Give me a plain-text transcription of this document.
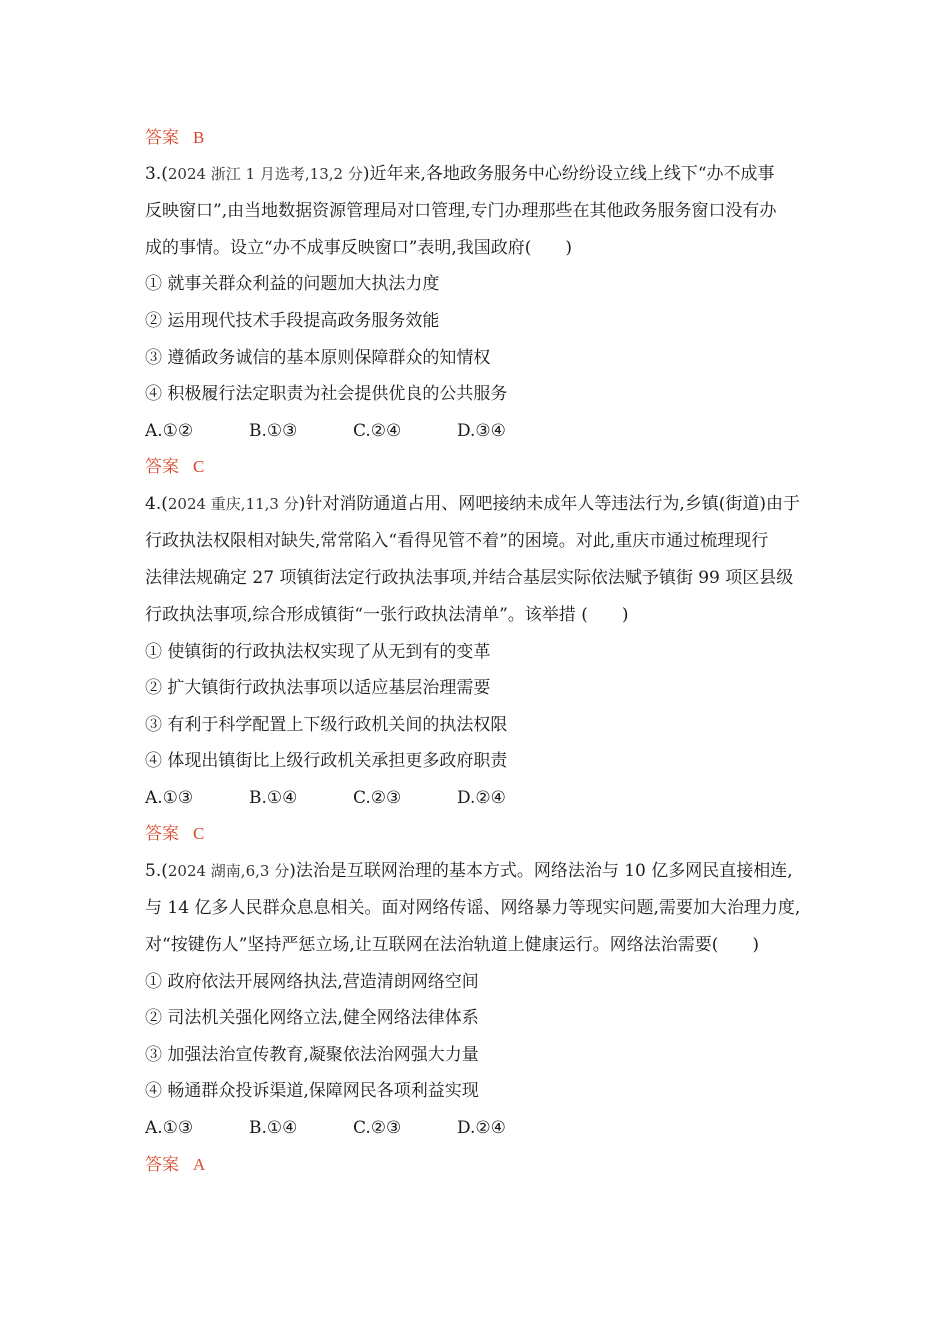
答案 B
3.(2024 浙江 1 月选考,13,2 分)近年来,各地政务服务中心纷纷设立线上线下“办不成事
反映窗口”,由当地数据资源管理局对口管理,专门办理那些在其他政务服务窗口没有办
成的事情。设立“办不成事反映窗口”表明,我国政府(　　)
① 就事关群众利益的问题加大执法力度
② 运用现代技术手段提高政务服务效能
③ 遵循政务诚信的基本原则保障群众的知情权
④ 积极履行法定职责为社会提供优良的公共服务
A.①②	B.①③	C.②④	D.③④
答案 C
4.(2024 重庆,11,3 分)针对消防通道占用、网吧接纳未成年人等违法行为,乡镇(街道)由于
行政执法权限相对缺失,常常陷入“看得见管不着”的困境。对此,重庆市通过梳理现行
法律法规确定 27 项镇街法定行政执法事项,并结合基层实际依法赋予镇街 99 项区县级
行政执法事项,综合形成镇街“一张行政执法清单”。该举措 (　　)
① 使镇街的行政执法权实现了从无到有的变革
② 扩大镇街行政执法事项以适应基层治理需要
③ 有利于科学配置上下级行政机关间的执法权限
④ 体现出镇街比上级行政机关承担更多政府职责
A.①③	B.①④	C.②③	D.②④
答案 C
5.(2024 湖南,6,3 分)法治是互联网治理的基本方式。网络法治与 10 亿多网民直接相连,
与 14 亿多人民群众息息相关。面对网络传谣、网络暴力等现实问题,需要加大治理力度,
对“按键伤人”坚持严惩立场,让互联网在法治轨道上健康运行。网络法治需要(　　)
① 政府依法开展网络执法,营造清朗网络空间
② 司法机关强化网络立法,健全网络法律体系
③ 加强法治宣传教育,凝聚依法治网强大力量
④ 畅通群众投诉渠道,保障网民各项利益实现
A.①③	B.①④	C.②③	D.②④
答案 A
